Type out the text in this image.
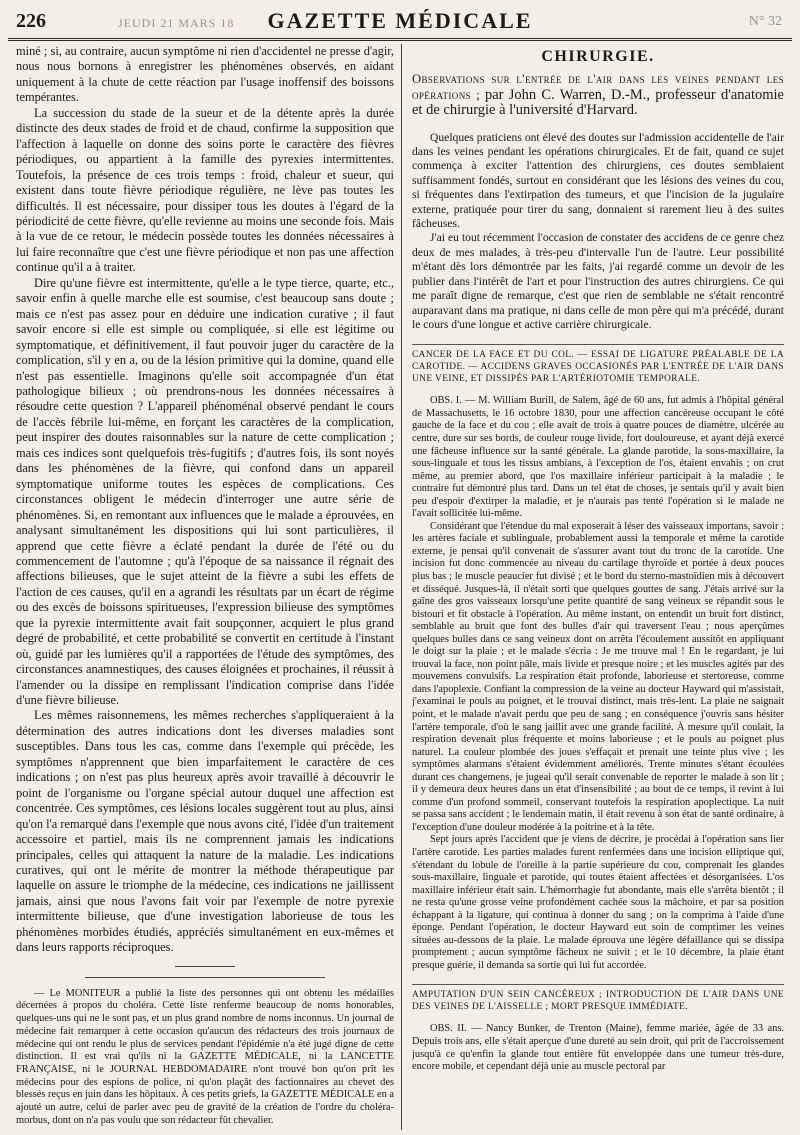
226	JEUDI 21 MARS 18	GAZETTE MÉDICALE	N° 32

miné ; si, au contraire, aucun symptôme ni rien d'accidentel ne presse d'agir, nous nous bornons à enregistrer les phénomènes observés, en aidant uniquement à la chute de cette réaction par l'usage inoffensif des boissons tempérantes.

La succession du stade de la sueur et de la détente après la durée distincte des deux stades de froid et de chaud, confirme la supposition que l'affection à laquelle on donne des soins porte le caractère des fièvres périodiques, ou appartient à la famille des pyrexies intermittentes. Toutefois, la présence de ces trois temps : froid, chaleur et sueur, qui existent dans toute fièvre périodique régulière, ne lève pas toutes les difficultés. Il est nécessaire, pour dissiper tous les doutes à l'égard de la périodicité de cette fièvre, qu'elle revienne au moins une seconde fois. Mais à la vue de ce retour, le médecin possède toutes les données nécessaires à lui faire reconnaître que c'est une fièvre périodique et non pas une affection continue qu'il a à traiter.

Dire qu'une fièvre est intermittente, qu'elle a le type tierce, quarte, etc., savoir enfin à quelle marche elle est soumise, c'est beaucoup sans doute ; mais ce n'est pas assez pour en déduire une indication curative ; il faut savoir encore si elle est simple ou compliquée, si elle est légitime ou symptomatique, et définitivement, il faut pouvoir juger du caractère de la complication, s'il y en a, ou de la lésion primitive qui la domine, quand elle n'est pas essentielle. Imaginons qu'elle soit accompagnée d'un état pathologique bilieux ; où prendrons-nous les données nécessaires à résoudre cette question ? L'appareil phénoménal observé pendant le cours de l'accès fébrile lui-même, en forçant les caractères de la complication, peut inspirer des doutes raisonnables sur la nature de cette complication ; mais ces indices sont quelquefois très-fugitifs ; d'autres fois, ils sont noyés dans les phénomènes de la fièvre, qui confond dans un appareil symptomatique uniforme toutes les espèces de complications. Ces circonstances obligent le médecin d'interroger une autre série de phénomènes. Si, en remontant aux influences que le malade a éprouvées, en analysant simultanément les dispositions qui lui sont particulières, il apprend que cette fièvre a éclaté pendant la durée de l'été ou du commencement de l'automne ; qu'à l'époque de sa naissance il régnait des affections bilieuses, que le sujet atteint de la fièvre a subi les effets de l'action de ces causes, qu'il en a agrandi les résultats par un écart de régime ou des excès de boissons spiritueuses, l'expression bilieuse des symptômes que la pyrexie intermittente avait fait soupçonner, acquiert le plus grand degré de probabilité, et cette probabilité se convertit en certitude à l'instant où, guidé par les lumières qu'il a rapportées de l'étude des symptômes, des circonstances anamnestiques, des causes éloignées et prochaines, il réussit à l'amender ou la dissipe en remplissant l'indication comprise dans l'idée d'une fièvre bilieuse.

Les mêmes raisonnemens, les mêmes recherches s'appliqueraient à la détermination des autres indications dont les diverses maladies sont susceptibles. Dans tous les cas, comme dans l'exemple qui précède, les symptômes n'apprennent que bien imparfaitement le caractère de ces indications ; on n'est pas plus heureux après avoir travaillé à découvrir le point de l'organisme ou l'organe spécial autour duquel une affection est concentrée. Ces symptômes, ces lésions locales suggèrent tout au plus, ainsi qu'on l'a remarqué dans l'exemple que nous avons cité, l'idée d'un traitement accessoire et partiel, mais ils ne comprennent jamais les indications principales, celles qui attaquent la nature de la maladie. Les indications curatives, qui ont le mérite de montrer la méthode thérapeutique par laquelle on assure le triomphe de la médecine, ces indications ne jaillissent jamais, ainsi que nous l'avons fait voir par l'exemple de notre pyrexie intermittente bilieuse, que d'une investigation laborieuse de tous les phénomènes morbides étudiés, appréciés simultanément en eux-mêmes et dans leurs rapports réciproques.

— Le MONITEUR a publié la liste des personnes qui ont obtenu les médailles décernées à propos du choléra. Cette liste renferme beaucoup de noms honorables, quelques-uns qui ne le sont pas, et un plus grand nombre de noms inconnus. Un journal de médecine fait remarquer à cette occasion qu'aucun des rédacteurs des trois journaux de médecine qui ont rendu le plus de services pendant l'épidémie n'a été jugé digne de cette distinction. Il est vrai qu'ils ni la GAZETTE MÉDICALE, ni la LANCETTE FRANÇAISE, ni le JOURNAL HEBDOMADAIRE n'ont trouvé bon qu'on prît les médecins pour des espions de police, ni qu'on plaçât des factionnaires au chevet des blessés reçus en juin dans les hôpitaux. À ces petits griefs, la GAZETTE MÉDICALE en a ajouté un autre, celui de parler avec peu de gravité de la création de l'ordre du choléra-morbus, dont on n'a pas voulu que son rédacteur fût chevalier.

CHIRURGIE.
Observations sur l'entrée de l'air dans les veines pendant les opérations ; par John C. Warren, D.-M., professeur d'anatomie et de chirurgie à l'université d'Harvard.

Quelques praticiens ont élevé des doutes sur l'admission accidentelle de l'air dans les veines pendant les opérations chirurgicales. Et de fait, quand ce sujet commença à exciter l'attention des chirurgiens, ces doutes semblaient suffisamment fondés, surtout en considérant que les lésions des veines du cou, si fréquentes dans l'extirpation des tumeurs, et que l'incision de la jugulaire externe, pratiquée pour tirer du sang, donnaient si rarement lieu à des suites fâcheuses.

J'ai eu tout récemment l'occasion de constater des accidens de ce genre chez deux de mes malades, à très-peu d'intervalle l'un de l'autre. Leur possibilité m'étant dès lors démontrée par les faits, j'ai regardé comme un devoir de les publier dans l'intérêt de l'art et pour l'instruction des autres chirurgiens. Ce qui me paraît digne de remarque, c'est que rien de semblable ne s'était rencontré auparavant dans ma pratique, ni dans celle de mon père qui m'a précédé, durant le cours d'une longue et active carrière chirurgicale.

CANCER DE LA FACE ET DU COL. — ESSAI DE LIGATURE PRÉALABLE DE LA CAROTIDE. — ACCIDENS GRAVES OCCASIONÉS PAR L'ENTRÉE DE L'AIR DANS UNE VEINE, ET DISSIPÉS PAR L'ARTÉRIOTOMIE TEMPORALE.

OBS. I. — M. William Burill, de Salem, âgé de 60 ans, fut admis à l'hôpital général de Massachusetts, le 16 octobre 1830, pour une affection cancéreuse occupant le côté gauche de la face et du cou ; elle avait de trois à quatre pouces de diamètre, ulcérée au centre, dure sur ses bords, de couleur rouge livide, fort douloureuse, et ayant déjà exercé une fâcheuse influence sur la santé générale. La glande parotide, la sous-maxillaire, la sous-linguale et tous les tissus ambians, à l'exception de l'os, étaient envahis ; on crut même, au premier abord, que l'os maxillaire inférieur participait à la maladie ; le contraire fut démontré plus tard. Dans un tel état de choses, je sentais qu'il y avait bien peu d'espoir d'extirper la maladie, et je n'aurais pas tenté l'opération si le malade ne l'avait sollicitée lui-même.

Considérant que l'étendue du mal exposerait à léser des vaisseaux importans, savoir : les artères faciale et sublinguale, probablement aussi la temporale et même la carotide externe, je pensai qu'il convenait de s'assurer avant tout du tronc de la carotide. Une incision fut donc commencée au niveau du cartilage thyroïde et portée à deux pouces plus bas ; le muscle peaucier fut divisé ; et le bord du sterno-mastoïdien mis à découvert et disséqué. Jusques-là, il n'était sorti que quelques gouttes de sang. J'étais arrivé sur la gaîne des gros vaisseaux lorsqu'une petite quantité de sang veineux se répandit sous le bistouri et fit obstacle à l'opération. Au même instant, on entendit un bruit fort distinct, semblable au bruit que font des bulles d'air qui traversent l'eau ; nous aperçûmes quelques bulles dans ce sang veineux dont on arrêta l'écoulement aussitôt en appliquant le doigt sur la plaie ; et le malade s'écria : Je me trouve mal ! En le regardant, je lui trouvai la face, non point pâle, mais livide et presque noire ; et les muscles agités par des mouvemens convulsifs. La respiration était profonde, laborieuse et stertoreuse, comme dans l'apoplexie. Confiant la compression de la veine au docteur Hayward qui m'assistait, j'examinai le pouls au poignet, et le trouvai distinct, mais très-lent. La plaie ne saignait point, et le malade n'avait perdu que peu de sang ; en conséquence j'ouvris sans hésiter l'artère temporale, d'où le sang jaillit avec une grande facilité. À mesure qu'il coulait, la respiration devenait plus fréquente et moins laborieuse ; et le pouls au poignet plus naturel. La couleur plombée des joues s'effaçait et prenait une teinte plus vive ; les symptômes alarmans s'étaient évidemment améliorés. Trente minutes s'étant écoulées durant ces changemens, je jugeai qu'il serait convenable de reporter le malade à son lit ; il y demeura deux heures dans un état d'insensibilité ; au bout de ce temps, il revint à lui comme d'un profond sommeil, conservant toutefois la respiration apoplectique. La nuit se passa sans accident ; le lendemain matin, il était revenu à son état de santé ordinaire, à l'exception d'une douleur modérée à la poitrine et à la tête.

Sept jours après l'accident que je viens de décrire, je procédai à l'opération sans lier l'artère carotide. Les parties malades furent renfermées dans une incision elliptique qui, s'étendant du lobule de l'oreille à la partie supérieure du cou, comprenait les glandes sous-maxillaire, linguale et parotide, qui toutes étaient affectées et désorganisées. L'os maxillaire inférieur était sain. L'hémorrhagie fut abondante, mais elle s'arrêta bientôt ; il ne resta qu'une grosse veine profondément cachée sous la mâchoire, et par sa position échappant à la ligature, qui continua à donner du sang ; on la comprima à l'aide d'une éponge. Pendant l'opération, le docteur Hayward eut soin de comprimer les veines situées au-dessous de la plaie. Le malade éprouva une légère défaillance qui se dissipa promptement ; aucun symptôme fâcheux ne suivit ; et le 10 décembre, la plaie étant presque guérie, il demanda sa sortie qui lui fut accordée.

AMPUTATION D'UN SEIN CANCÉREUX ; INTRODUCTION DE L'AIR DANS UNE DES VEINES DE L'AISSELLE ; MORT PRESQUE IMMÉDIATE.

OBS. II. — Nancy Bunker, de Trenton (Maine), femme mariée, âgée de 33 ans. Depuis trois ans, elle s'était aperçue d'une dureté au sein droit, qui prit de l'accroissement jusqu'à ce qu'enfin la glande tout entière fût enveloppée dans une tumeur très-dure, encore mobile, et cependant déjà unie au muscle pectoral par
